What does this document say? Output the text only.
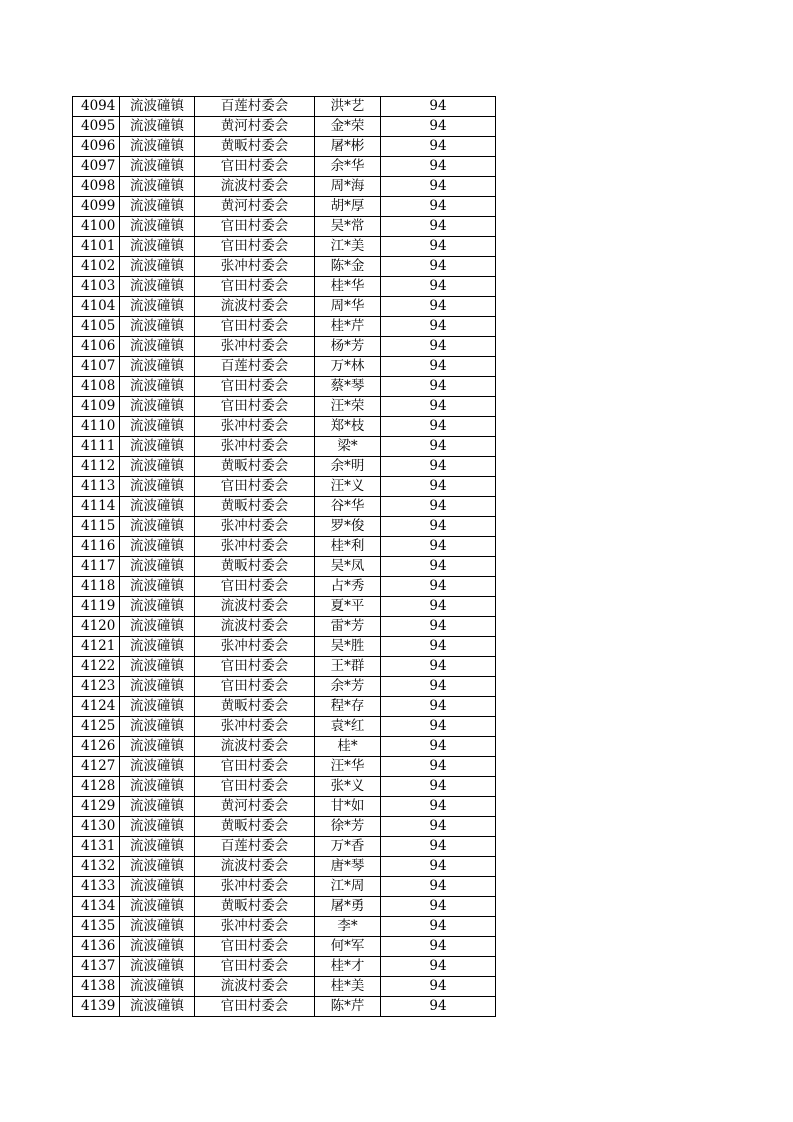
4094	流波䃥镇	百莲村委会	洪*艺	94
4095	流波䃥镇	黄河村委会	金*荣	94
4096	流波䃥镇	黄畈村委会	屠*彬	94
4097	流波䃥镇	官田村委会	余*华	94
4098	流波䃥镇	流波村委会	周*海	94
4099	流波䃥镇	黄河村委会	胡*厚	94
4100	流波䃥镇	官田村委会	吴*常	94
4101	流波䃥镇	官田村委会	江*美	94
4102	流波䃥镇	张冲村委会	陈*金	94
4103	流波䃥镇	官田村委会	桂*华	94
4104	流波䃥镇	流波村委会	周*华	94
4105	流波䃥镇	官田村委会	桂*芹	94
4106	流波䃥镇	张冲村委会	杨*芳	94
4107	流波䃥镇	百莲村委会	万*林	94
4108	流波䃥镇	官田村委会	蔡*琴	94
4109	流波䃥镇	官田村委会	汪*荣	94
4110	流波䃥镇	张冲村委会	郑*枝	94
4111	流波䃥镇	张冲村委会	梁*	94
4112	流波䃥镇	黄畈村委会	余*明	94
4113	流波䃥镇	官田村委会	汪*义	94
4114	流波䃥镇	黄畈村委会	谷*华	94
4115	流波䃥镇	张冲村委会	罗*俊	94
4116	流波䃥镇	张冲村委会	桂*利	94
4117	流波䃥镇	黄畈村委会	吴*凤	94
4118	流波䃥镇	官田村委会	占*秀	94
4119	流波䃥镇	流波村委会	夏*平	94
4120	流波䃥镇	流波村委会	雷*芳	94
4121	流波䃥镇	张冲村委会	吴*胜	94
4122	流波䃥镇	官田村委会	王*群	94
4123	流波䃥镇	官田村委会	余*芳	94
4124	流波䃥镇	黄畈村委会	程*存	94
4125	流波䃥镇	张冲村委会	袁*红	94
4126	流波䃥镇	流波村委会	桂*	94
4127	流波䃥镇	官田村委会	汪*华	94
4128	流波䃥镇	官田村委会	张*义	94
4129	流波䃥镇	黄河村委会	甘*如	94
4130	流波䃥镇	黄畈村委会	徐*芳	94
4131	流波䃥镇	百莲村委会	万*香	94
4132	流波䃥镇	流波村委会	唐*琴	94
4133	流波䃥镇	张冲村委会	江*周	94
4134	流波䃥镇	黄畈村委会	屠*勇	94
4135	流波䃥镇	张冲村委会	李*	94
4136	流波䃥镇	官田村委会	何*军	94
4137	流波䃥镇	官田村委会	桂*才	94
4138	流波䃥镇	流波村委会	桂*美	94
4139	流波䃥镇	官田村委会	陈*芹	94
